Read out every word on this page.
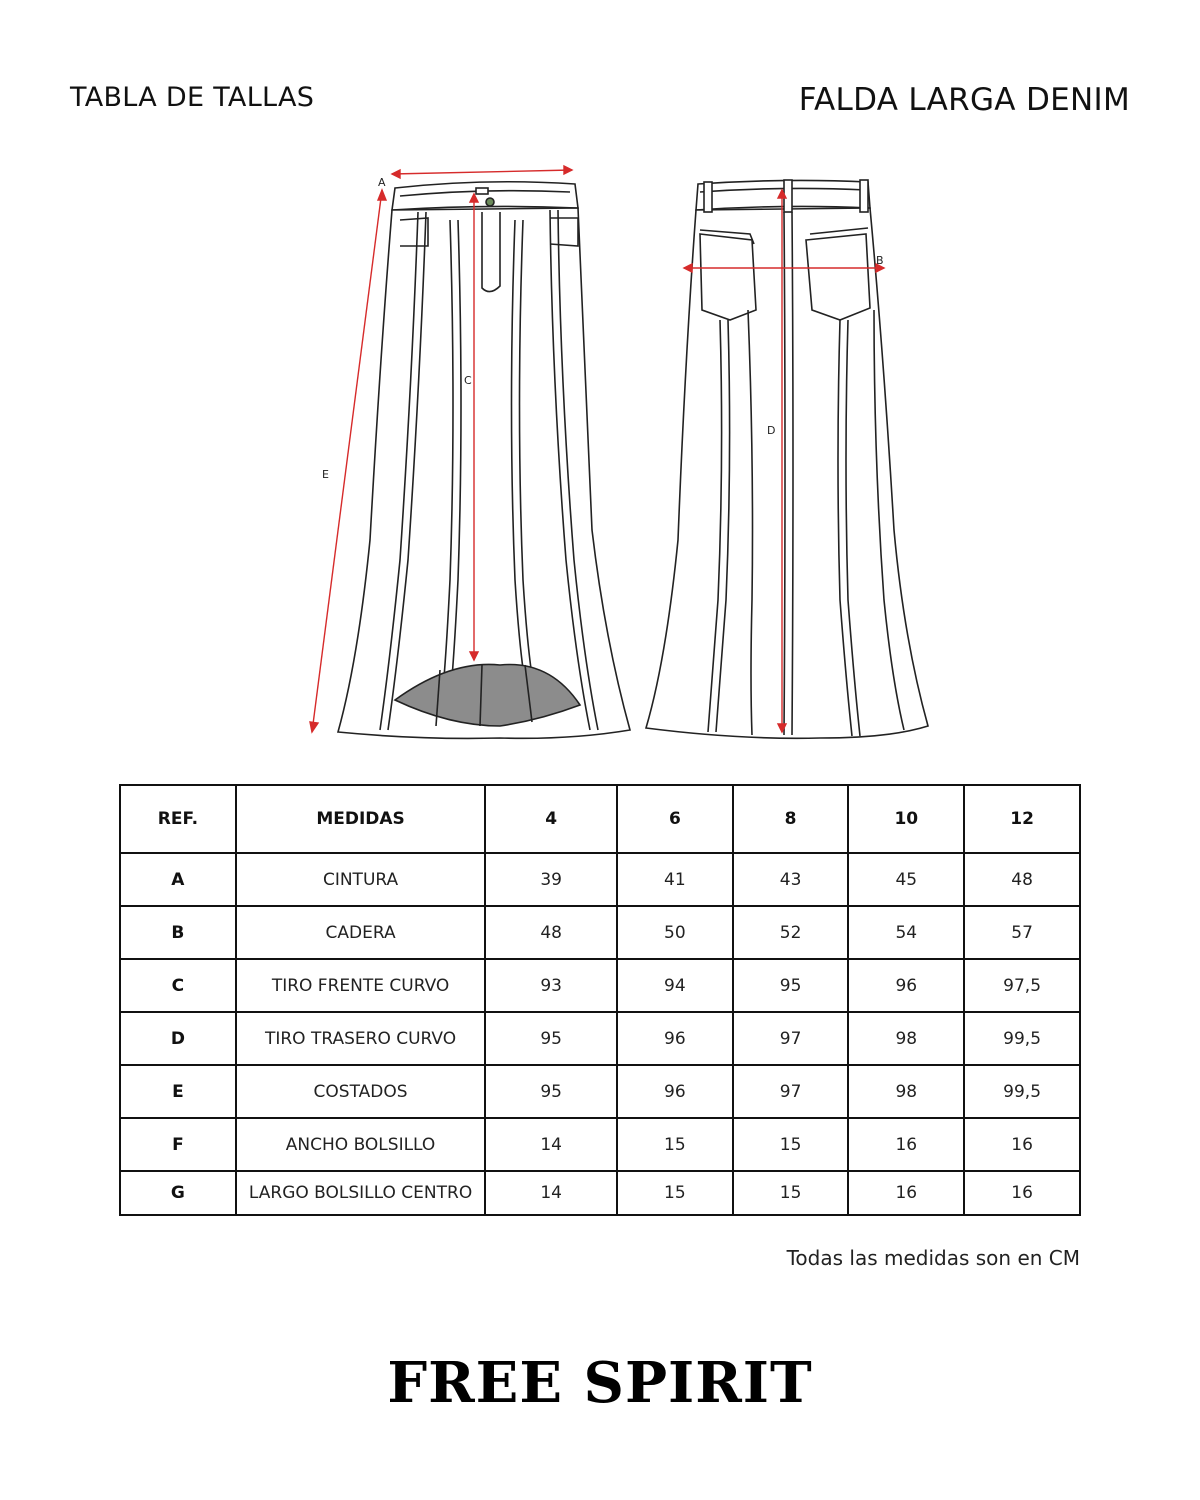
TABLA DE TALLAS	FALDA LARGA DENIM
A
C
E
B
D
REF.	MEDIDAS	4	6	8	10	12
A	CINTURA	39	41	43	45	48
B	CADERA	48	50	52	54	57
C	TIRO FRENTE CURVO	93	94	95	96	97,5
D	TIRO TRASERO CURVO	95	96	97	98	99,5
E	COSTADOS	95	96	97	98	99,5
F	ANCHO BOLSILLO	14	15	15	16	16
G	LARGO BOLSILLO CENTRO	14	15	15	16	16
Todas las medidas son en CM
FREE SPIRIT
